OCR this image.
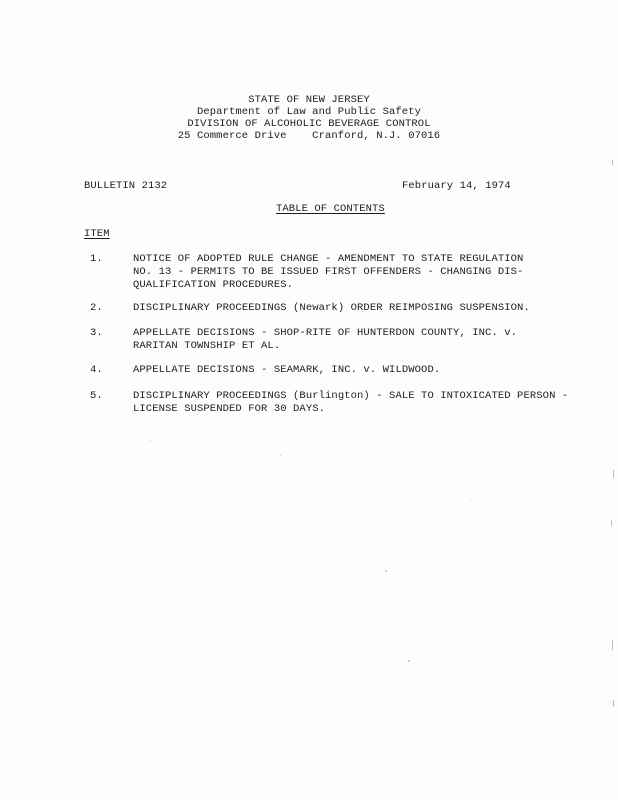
STATE OF NEW JERSEY
Department of Law and Public Safety
DIVISION OF ALCOHOLIC BEVERAGE CONTROL
25 Commerce Drive    Cranford, N.J. 07016
BULLETIN 2132	February 14, 1974
TABLE OF CONTENTS
ITEM
1.	NOTICE OF ADOPTED RULE CHANGE - AMENDMENT TO STATE REGULATION
NO. 13 - PERMITS TO BE ISSUED FIRST OFFENDERS - CHANGING DIS-
QUALIFICATION PROCEDURES.
2.	DISCIPLINARY PROCEEDINGS (Newark) ORDER REIMPOSING SUSPENSION.
3.	APPELLATE DECISIONS - SHOP-RITE OF HUNTERDON COUNTY, INC. v.
RARITAN TOWNSHIP ET AL.
4.	APPELLATE DECISIONS - SEAMARK, INC. v. WILDWOOD.
5.	DISCIPLINARY PROCEEDINGS (Burlington) - SALE TO INTOXICATED PERSON -
LICENSE SUSPENDED FOR 30 DAYS.
